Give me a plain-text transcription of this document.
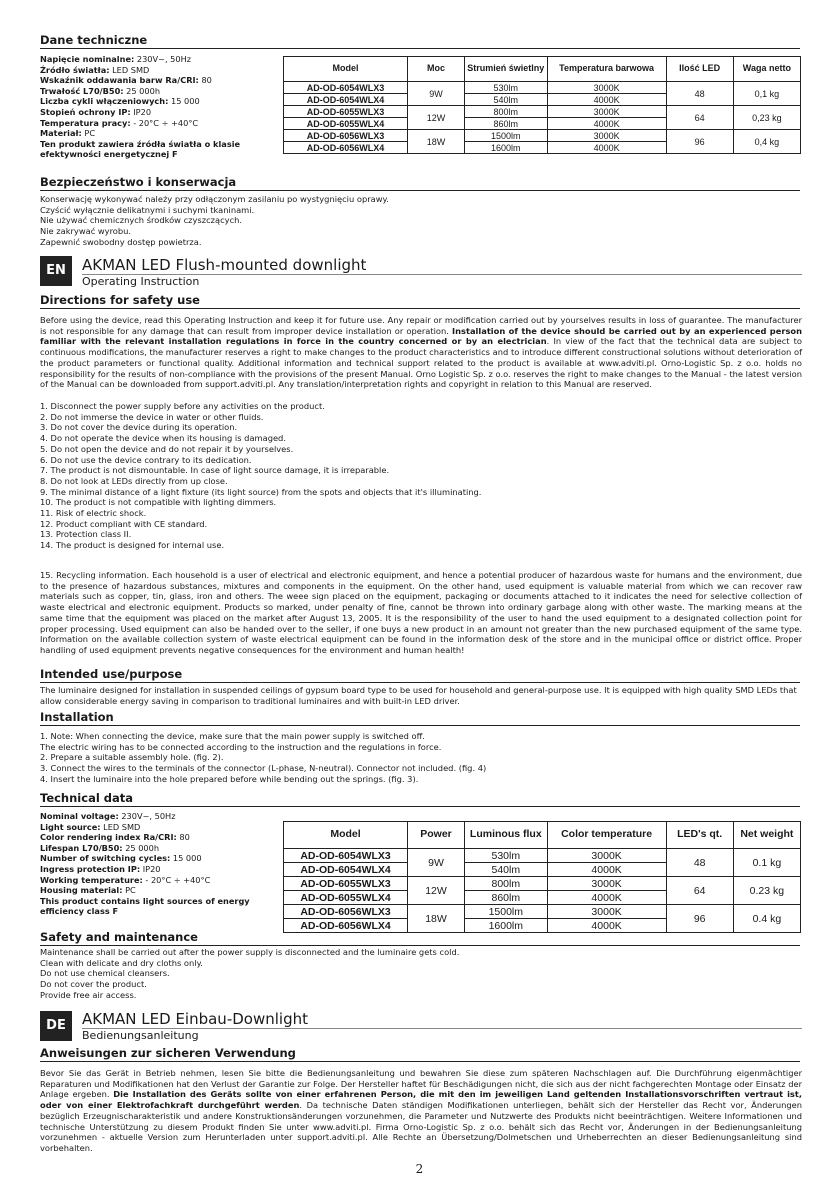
Dane techniczne
Napięcie nominalne: 230V~, 50Hz
Źródło światła: LED SMD
Wskaźnik oddawania barw Ra/CRI: 80
Trwałość L70/B50: 25 000h
Liczba cykli włączeniowych: 15 000
Stopień ochrony IP: IP20
Temperatura pracy: - 20°C ÷ +40°C
Materiał: PC
Ten produkt zawiera źródła światła o klasie efektywności energetycznej F
Model	Moc	Strumień świetlny	Temperatura barwowa	Ilość LED	Waga netto
AD-OD-6054WLX3	9W	530lm	3000K	48	0,1 kg
AD-OD-6054WLX4		540lm	4000K		
AD-OD-6055WLX3	12W	800lm	3000K	64	0,23 kg
AD-OD-6055WLX4		860lm	4000K		
AD-OD-6056WLX3	18W	1500lm	3000K	96	0,4 kg
AD-OD-6056WLX4		1600lm	4000K		
Bezpieczeństwo i konserwacja

Konserwację wykonywać należy przy odłączonym zasilaniu po wystygnięciu oprawy.

Czyścić wyłącznie delikatnymi i suchymi tkaninami.

Nie używać chemicznych środków czyszczących.

Nie zakrywać wyrobu.

Zapewnić swobodny dostęp powietrza.

EN	AKMAN LED Flush-mounted downlight
Operating Instruction
Directions for safety use
Before using the device, read this Operating Instruction and keep it for future use. Any repair or modification carried out by yourselves results in loss of guarantee. The manufacturer is not responsible for any damage that can result from improper device installation or operation. Installation of the device should be carried out by an experienced person familiar with the relevant installation regulations in force in the country concerned or by an electrician. In view of the fact that the technical data are subject to continuous modifications, the manufacturer reserves a right to make changes to the product characteristics and to introduce different constructional solutions without deterioration of the product parameters or functional quality. Additional information and technical support related to the product is available at www.adviti.pl. Orno-Logistic Sp. z o.o. holds no responsibility for the results of non-compliance with the provisions of the present Manual. Orno Logistic Sp. z o.o. reserves the right to make changes to the Manual - the latest version of the Manual can be downloaded from support.adviti.pl. Any translation/interpretation rights and copyright in relation to this Manual are reserved.

1. Disconnect the power supply before any activities on the product.

2. Do not immerse the device in water or other fluids.

3. Do not cover the device during its operation.

4. Do not operate the device when its housing is damaged.

5. Do not open the device and do not repair it by yourselves.

6. Do not use the device contrary to its dedication.

7. The product is not dismountable. In case of light source damage, it is irreparable.

8. Do not look at LEDs directly from up close.

9. The minimal distance of a light fixture (its light source) from the spots and objects that it's illuminating.

10. The product is not compatible with lighting dimmers.

11. Risk of electric shock.

12. Product compliant with CE standard.

13. Protection class II.

14. The product is designed for internal use.

15. Recycling information. Each household is a user of electrical and electronic equipment, and hence a potential producer of hazardous waste for humans and the environment, due to the presence of hazardous substances, mixtures and components in the equipment. On the other hand, used equipment is valuable material from which we can recover raw materials such as copper, tin, glass, iron and others. The weee sign placed on the equipment, packaging or documents attached to it indicates the need for selective collection of waste electrical and electronic equipment. Products so marked, under penalty of fine, cannot be thrown into ordinary garbage along with other waste. The marking means at the same time that the equipment was placed on the market after August 13, 2005. It is the responsibility of the user to hand the used equipment to a designated collection point for proper processing. Used equipment can also be handed over to the seller, if one buys a new product in an amount not greater than the new purchased equipment of the same type. Information on the available collection system of waste electrical equipment can be found in the information desk of the store and in the municipal office or district office. Proper handling of used equipment prevents negative consequences for the environment and human health!
Intended use/purpose
The luminaire designed for installation in suspended ceilings of gypsum board type to be used for household and general-purpose use. It is equipped with high quality SMD LEDs that allow considerable energy saving in comparison to traditional luminaires and with built-in LED driver.
Installation

1. Note: When connecting the device, make sure that the main power supply is switched off.

The electric wiring has to be connected according to the instruction and the regulations in force.

2. Prepare a suitable assembly hole. (fig. 2).

3. Connect the wires to the terminals of the connector (L-phase, N-neutral). Connector not included. (fig. 4)

4. Insert the luminaire into the hole prepared before while bending out the springs. (fig. 3).

Technical data
Nominal voltage: 230V~, 50Hz
Light source: LED SMD
Color rendering index Ra/CRI: 80
Lifespan L70/B50: 25 000h
Number of switching cycles: 15 000
Ingress protection IP: IP20
Working temperature: - 20°C ÷ +40°C
Housing material: PC
This product contains light sources of energy efficiency class F
Model	Power	Luminous flux	Color temperature	LED's qt.	Net weight
AD-OD-6054WLX3	9W	530lm	3000K	48	0.1 kg
AD-OD-6054WLX4		540lm	4000K		
AD-OD-6055WLX3	12W	800lm	3000K	64	0.23 kg
AD-OD-6055WLX4		860lm	4000K		
AD-OD-6056WLX3	18W	1500lm	3000K	96	0.4 kg
AD-OD-6056WLX4		1600lm	4000K		
Safety and maintenance

Maintenance shall be carried out after the power supply is disconnected and the luminaire gets cold.

Clean with delicate and dry cloths only.

Do not use chemical cleansers.

Do not cover the product.

Provide free air access.

DE	AKMAN LED Einbau-Downlight
Bedienungsanleitung
Anweisungen zur sicheren Verwendung
Bevor Sie das Gerät in Betrieb nehmen, lesen Sie bitte die Bedienungsanleitung und bewahren Sie diese zum späteren Nachschlagen auf. Die Durchführung eigenmächtiger Reparaturen und Modifikationen hat den Verlust der Garantie zur Folge. Der Hersteller haftet für Beschädigungen nicht, die sich aus der nicht fachgerechten Montage oder Einsatz der Anlage ergeben. Die Installation des Geräts sollte von einer erfahrenen Person, die mit den im jeweiligen Land geltenden Installationsvorschriften vertraut ist, oder von einer Elektrofachkraft durchgeführt werden. Da technische Daten ständigen Modifikationen unterliegen, behält sich der Hersteller das Recht vor, Änderungen bezüglich Erzeugnischarakteristik und andere Konstruktionsänderungen vorzunehmen, die Parameter und Nutzwerte des Produkts nicht beeinträchtigen. Weitere Informationen und technische Unterstützung zu diesem Produkt finden Sie unter www.adviti.pl. Firma Orno-Logistic Sp. z o.o. behält sich das Recht vor, Änderungen in der Bedienungsanleitung vorzunehmen - aktuelle Version zum Herunterladen unter support.adviti.pl. Alle Rechte an Übersetzung/Dolmetschen und Urheberrechten an dieser Bedienungsanleitung sind vorbehalten.
2
